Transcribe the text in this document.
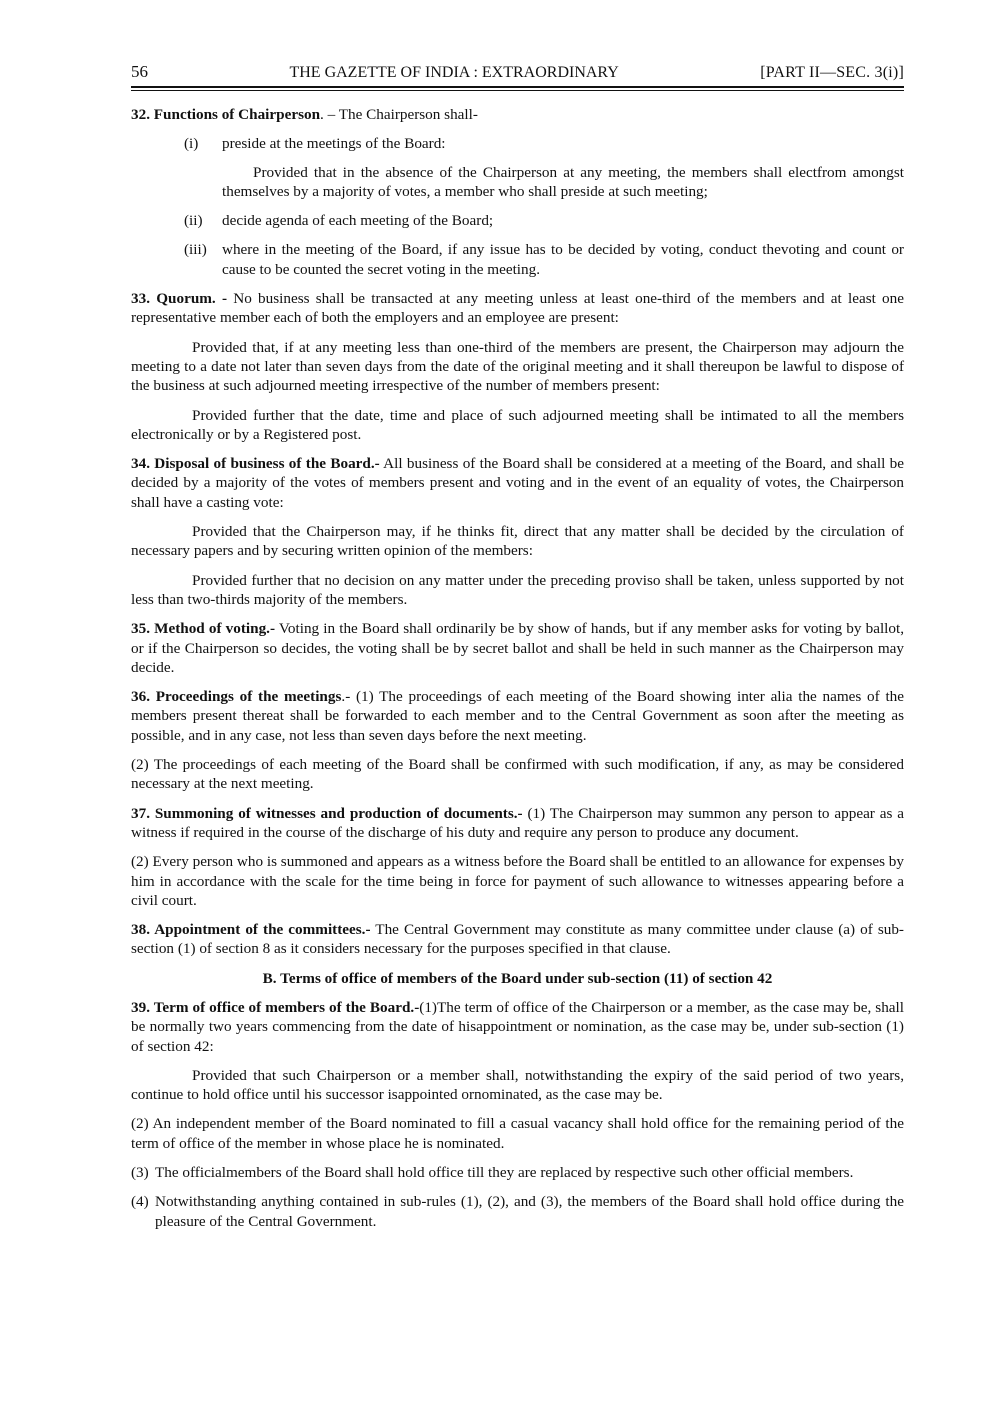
56	THE GAZETTE OF INDIA : EXTRAORDINARY	[PART II—SEC. 3(i)]

32. Functions of Chairperson. – The Chairperson shall-

(i)	preside at the meetings of the Board:

Provided that in the absence of the Chairperson at any meeting, the members shall electfrom amongst themselves by a majority of votes, a member who shall preside at such meeting;

(ii)	decide agenda of each meeting of the Board;
(iii)	where in the meeting of the Board, if any issue has to be decided by voting, conduct thevoting and count or cause to be counted the secret voting in the meeting.

33. Quorum. - No business shall be transacted at any meeting unless at least one-third of the members and at least one representative member each of both the employers and an employee are present:

Provided that, if at any meeting less than one-third of the members are present, the Chairperson may adjourn the meeting to a date not later than seven days from the date of the original meeting and it shall thereupon be lawful to dispose of the business at such adjourned meeting irrespective of the number of members present:

Provided further that the date, time and place of such adjourned meeting shall be intimated to all the members electronically or by a Registered post.

34. Disposal of business of the Board.- All business of the Board shall be considered at a meeting of the Board, and shall be decided by a majority of the votes of members present and voting and in the event of an equality of votes, the Chairperson shall have a casting vote:

Provided that the Chairperson may, if he thinks fit, direct that any matter shall be decided by the circulation of necessary papers and by securing written opinion of the members:

Provided further that no decision on any matter under the preceding proviso shall be taken, unless supported by not less than two-thirds majority of the members.

35. Method of voting.- Voting in the Board shall ordinarily be by show of hands, but if any member asks for voting by ballot, or if the Chairperson so decides, the voting shall be by secret ballot and shall be held in such manner as the Chairperson may decide.

36. Proceedings of the meetings.- (1) The proceedings of each meeting of the Board showing inter alia the names of the members present thereat shall be forwarded to each member and to the Central Government as soon after the meeting as possible, and in any case, not less than seven days before the next meeting.

(2) The proceedings of each meeting of the Board shall be confirmed with such modification, if any, as may be considered necessary at the next meeting.

37. Summoning of witnesses and production of documents.- (1) The Chairperson may summon any person to appear as a witness if required in the course of the discharge of his duty and require any person to produce any document.

(2) Every person who is summoned and appears as a witness before the Board shall be entitled to an allowance for expenses by him in accordance with the scale for the time being in force for payment of such allowance to witnesses appearing before a civil court.

38. Appointment of the committees.- The Central Government may constitute as many committee under clause (a) of sub-section (1) of section 8 as it considers necessary for the purposes specified in that clause.

B. Terms of office of members of the Board under sub-section (11) of section 42

39. Term of office of members of the Board.-(1)The term of office of the Chairperson or a member, as the case may be, shall be normally two years commencing from the date of hisappointment or nomination, as the case may be, under sub-section (1) of section 42:

Provided that such Chairperson or a member shall, notwithstanding the expiry of the said period of two years, continue to hold office until his successor isappointed ornominated, as the case may be.

(2) An independent member of the Board nominated to fill a casual vacancy shall hold office for the remaining period of the term of office of the member in whose place he is nominated.

(3) The officialmembers of the Board shall hold office till they are replaced by respective such other official members.
(4) Notwithstanding anything contained in sub-rules (1), (2), and (3), the members of the Board shall hold office during the pleasure of the Central Government.
